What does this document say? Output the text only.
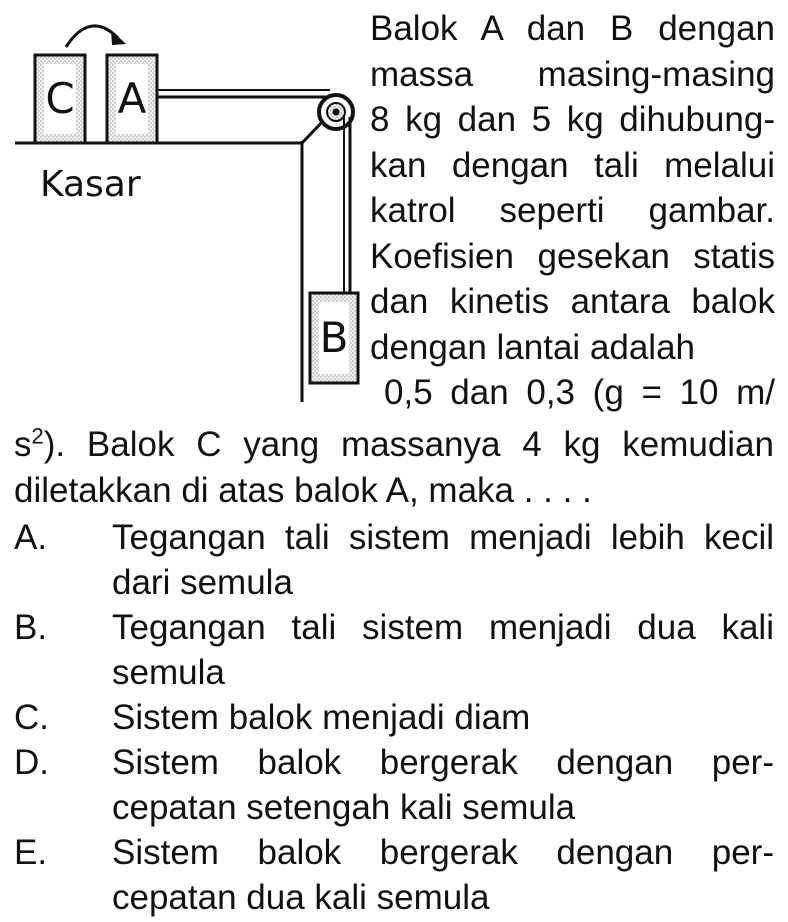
C A
B
Kasar
Balok A dan B dengan
massa masing-masing
8 kg dan 5 kg dihubung-
kan dengan tali melalui
katrol seperti gambar.
Koefisien gesekan statis
dan kinetis antara balok
dengan lantai adalah
0,5 dan 0,3 (g = 10 m/
$s^2$). Balok C yang massanya 4 kg kemudian
diletakkan di atas balok A, maka . . . .
A.	Tegangan tali sistem menjadi lebih kecil
dari semula
B.	Tegangan tali sistem menjadi dua kali
semula
C.	Sistem balok menjadi diam
D.	Sistem balok bergerak dengan per-
cepatan setengah kali semula
E.	Sistem balok bergerak dengan per-
cepatan dua kali semula
